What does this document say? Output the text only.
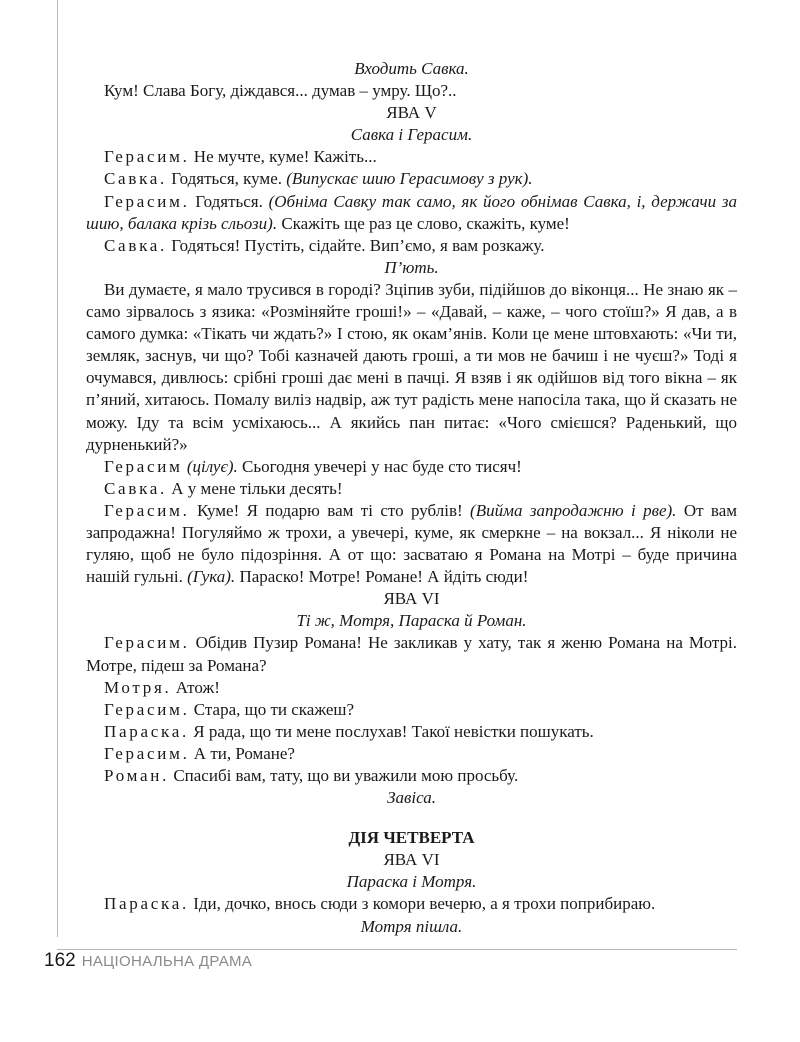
Входить Савка.

Кум! Слава Богу, діждався... думав – умру. Що?..

ЯВА V

Савка і Герасим.

Герасим. Не мучте, куме! Кажіть...

Савка. Годяться, куме. (Випускає шию Герасимову з рук).

Герасим. Годяться. (Обніма Савку так само, як його обнімав Савка, і, держачи за шию, балака крізь сльози). Скажіть ще раз це слово, скажіть, куме!

Савка. Годяться! Пустіть, сідайте. Вип’ємо, я вам розкажу.

П’ють.

Ви думаєте, я мало трусився в городі? Зціпив зуби, підійшов до віконця... Не знаю як – само зірвалось з язика: «Розміняйте гроші!» – «Давай, – каже, – чого стоїш?» Я дав, а в самого думка: «Тікать чи ждать?» І стою, як окам’янів. Коли це мене штовхають: «Чи ти, земляк, заснув, чи що? Тобі казначей дають гроші, а ти мов не бачиш і не чуєш?» Тоді я очумався, дивлюсь: срібні гроші дає мені в пачці. Я взяв і як одійшов від того вікна – як п’яний, хитаюсь. Помалу виліз надвір, аж тут радість мене напосіла така, що й сказать не можу. Іду та всім усміхаюсь... А якийсь пан питає: «Чого смієшся? Раденький, що дурненький?»

Герасим (цілує). Сьогодня увечері у нас буде сто тисяч!

Савка. А у мене тільки десять!

Герасим. Куме! Я подарю вам ті сто рублів! (Вийма запродажню і рве). От вам запродажна! Погуляймо ж трохи, а увечері, куме, як смеркне – на вокзал... Я ніколи не гуляю, щоб не було підозріння. А от що: засватаю я Романа на Мотрі – буде причина нашій гульні. (Гука). Параско! Мотре! Романе! А йдіть сюди!

ЯВА VI

Ті ж, Мотря, Параска й Роман.

Герасим. Обідив Пузир Романа! Не закликав у хату, так я женю Романа на Мотрі. Мотре, підеш за Романа?

Мотря. Атож!

Герасим. Стара, що ти скажеш?

Параска. Я рада, що ти мене послухав! Такої невістки пошукать.

Герасим. А ти, Романе?

Роман. Спасибі вам, тату, що ви уважили мою просьбу.

Завіса.

ДІЯ ЧЕТВЕРТА

ЯВА VI

Параска і Мотря.

Параска. Іди, дочко, внось сюди з комори вечерю, а я трохи поприбираю.

Мотря пішла.

162 НАЦІОНАЛЬНА ДРАМА
